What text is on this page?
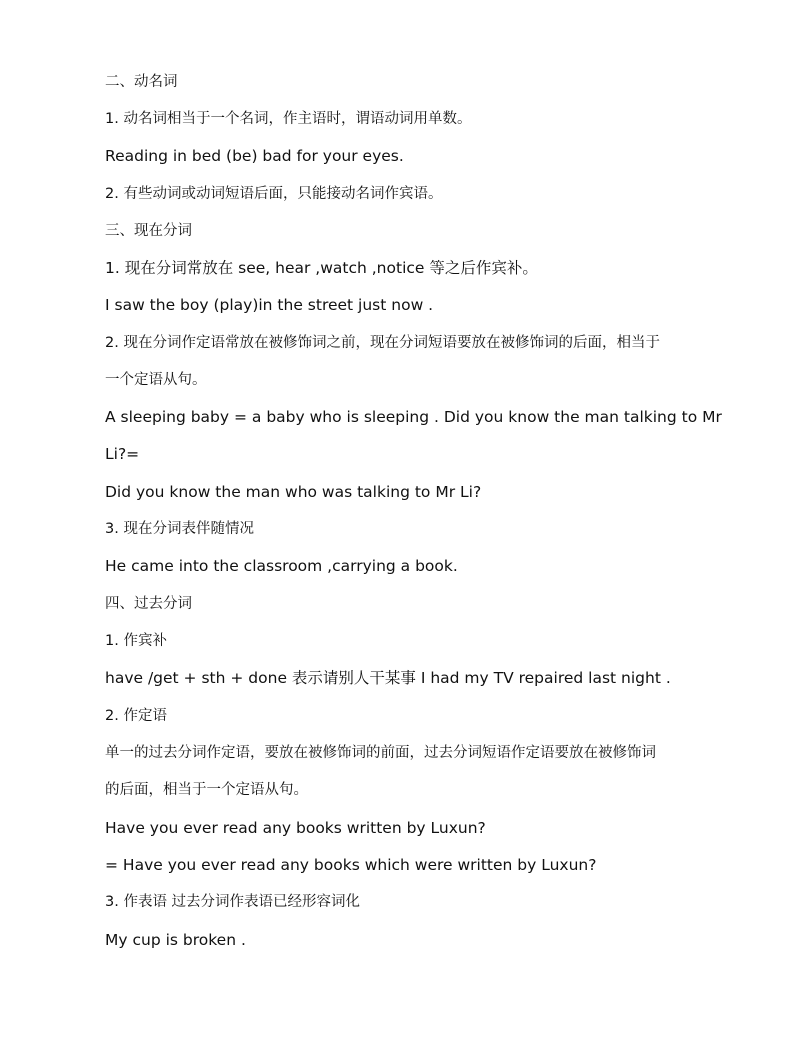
二、动名词
1. 动名词相当于一个名词，作主语时，谓语动词用单数。
Reading in bed (be) bad for your eyes.
2. 有些动词或动词短语后面，只能接动名词作宾语。
三、现在分词
1. 现在分词常放在 see, hear ,watch ,notice 等之后作宾补。
I saw the boy (play)in the street just now .
2. 现在分词作定语常放在被修饰词之前，现在分词短语要放在被修饰词的后面，相当于
一个定语从句。
A sleeping baby = a baby who is sleeping . Did you know the man talking to Mr
Li?=
Did you know the man who was talking to Mr Li?
3. 现在分词表伴随情况
He came into the classroom ,carrying a book.
四、过去分词
1. 作宾补
have /get + sth + done 表示请别人干某事 I had my TV repaired last night .
2. 作定语
单一的过去分词作定语，要放在被修饰词的前面，过去分词短语作定语要放在被修饰词
的后面，相当于一个定语从句。
Have you ever read any books written by Luxun?
= Have you ever read any books which were written by Luxun?
3. 作表语 过去分词作表语已经形容词化
My cup is broken .
